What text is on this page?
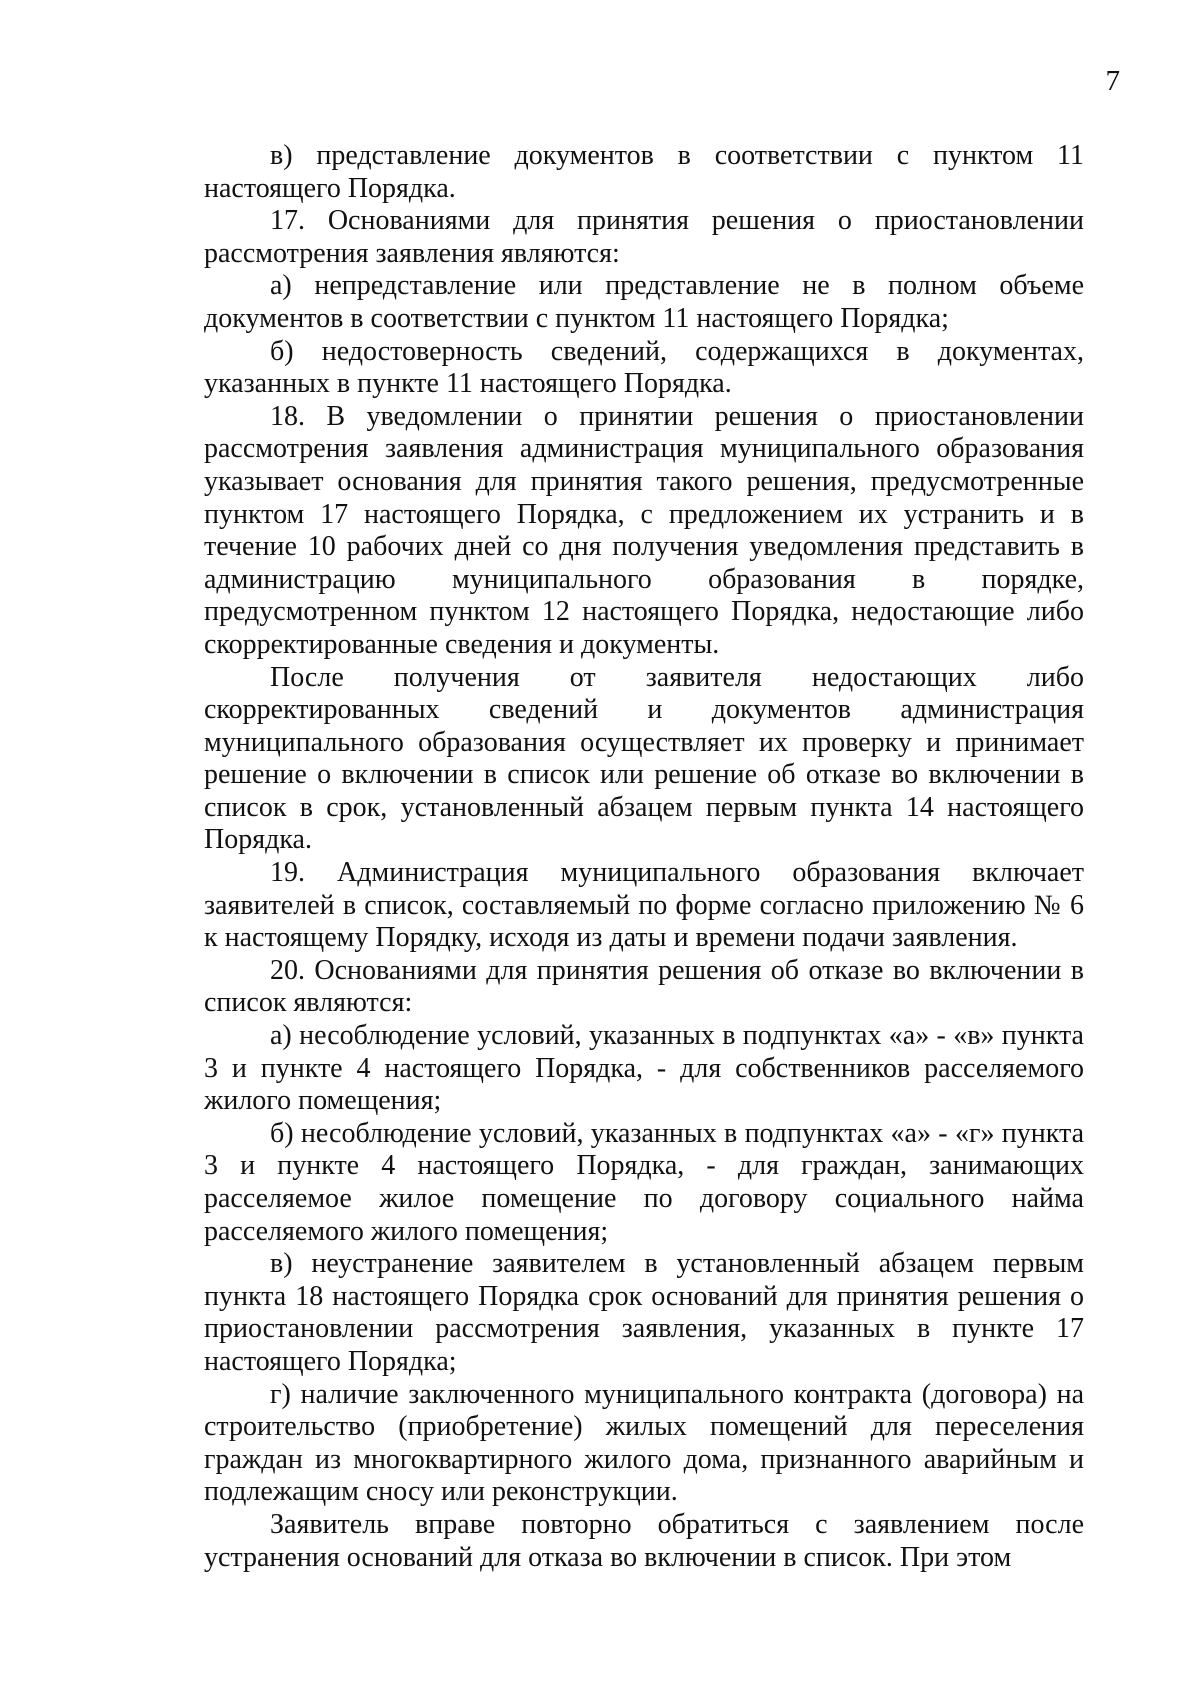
7

в) представление документов в соответствии с пунктом 11 настоящего Порядка.

17. Основаниями для принятия решения о приостановлении рассмотрения заявления являются:

а) непредставление или представление не в полном объеме документов в соответствии с пунктом 11 настоящего Порядка;

б) недостоверность сведений, содержащихся в документах, указанных в пункте 11 настоящего Порядка.

18. В уведомлении о принятии решения о приостановлении рассмотрения заявления администрация муниципального образования указывает основания для принятия такого решения, предусмотренные пунктом 17 настоящего Порядка, с предложением их устранить и в течение 10 рабочих дней со дня получения уведомления представить в администрацию муниципального образования в порядке, предусмотренном пунктом 12 настоящего Порядка, недостающие либо скорректированные сведения и документы.

После получения от заявителя недостающих либо скорректированных сведений и документов администрация муниципального образования осуществляет их проверку и принимает решение о включении в список или решение об отказе во включении в список в срок, установленный абзацем первым пункта 14 настоящего Порядка.

19. Администрация муниципального образования включает заявителей в список, составляемый по форме согласно приложению № 6 к настоящему Порядку, исходя из даты и времени подачи заявления.

20. Основаниями для принятия решения об отказе во включении в список являются:

а) несоблюдение условий, указанных в подпунктах «а» - «в» пункта 3 и пункте 4 настоящего Порядка, - для собственников расселяемого жилого помещения;

б) несоблюдение условий, указанных в подпунктах «а» - «г» пункта 3 и пункте 4 настоящего Порядка, - для граждан, занимающих расселяемое жилое помещение по договору социального найма расселяемого жилого помещения;

в) неустранение заявителем в установленный абзацем первым пункта 18 настоящего Порядка срок оснований для принятия решения о приостановлении рассмотрения заявления, указанных в пункте 17 настоящего Порядка;

г) наличие заключенного муниципального контракта (договора) на строительство (приобретение) жилых помещений для переселения граждан из многоквартирного жилого дома, признанного аварийным и подлежащим сносу или реконструкции.

Заявитель вправе повторно обратиться с заявлением после устранения оснований для отказа во включении в список. При этом
